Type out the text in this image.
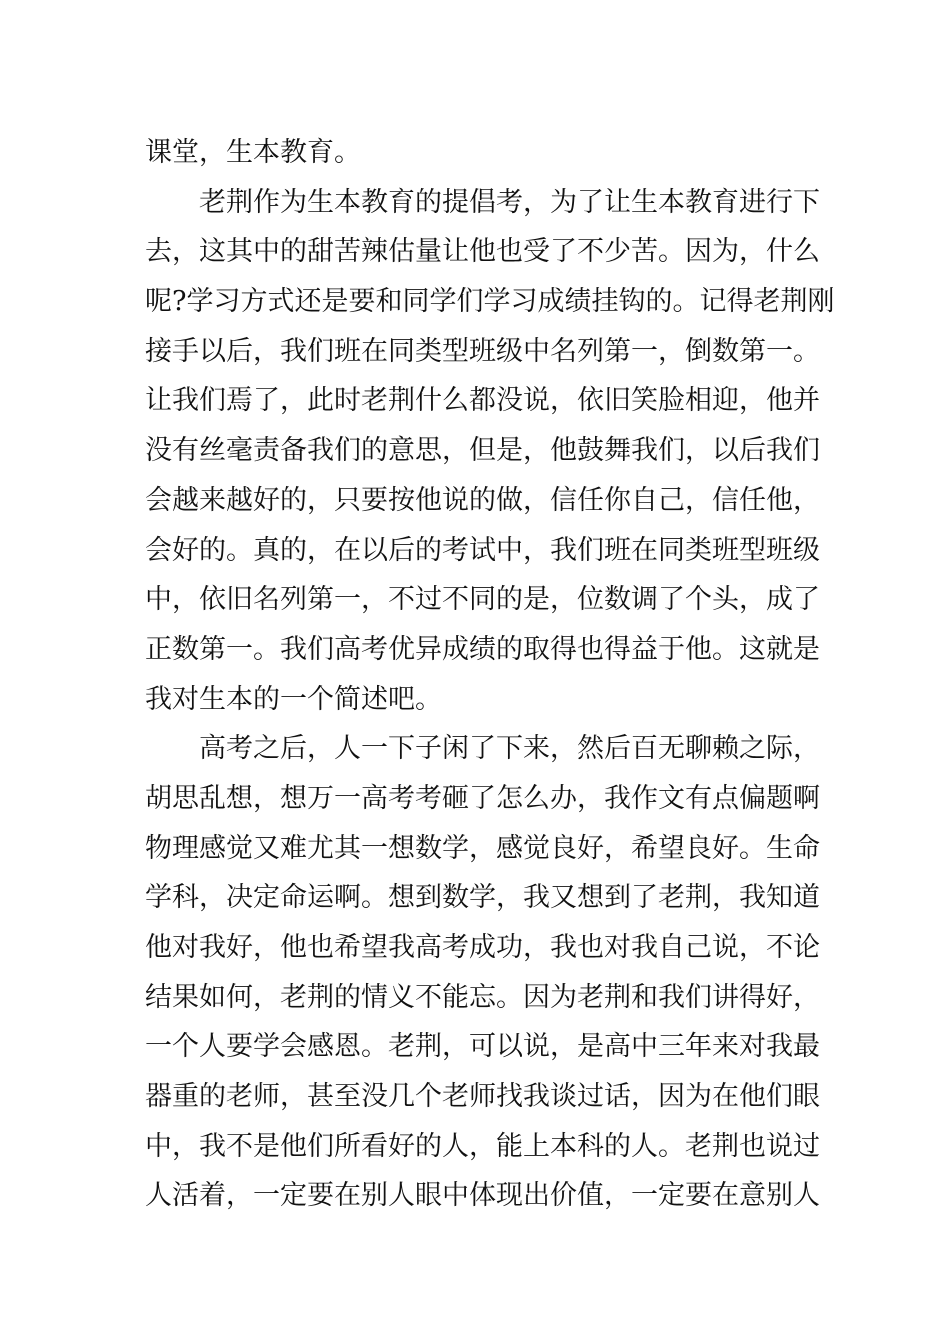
课堂，生本教育。
老荆作为生本教育的提倡考，为了让生本教育进行下
去，这其中的甜苦辣估量让他也受了不少苦。因为，什么
呢?学习方式还是要和同学们学习成绩挂钩的。记得老荆刚
接手以后，我们班在同类型班级中名列第一，倒数第一。
让我们焉了，此时老荆什么都没说，依旧笑脸相迎，他并
没有丝毫责备我们的意思，但是，他鼓舞我们，以后我们
会越来越好的，只要按他说的做，信任你自己，信任他，
会好的。真的，在以后的考试中，我们班在同类班型班级
中，依旧名列第一，不过不同的是，位数调了个头，成了
正数第一。我们高考优异成绩的取得也得益于他。这就是
我对生本的一个简述吧。
高考之后，人一下子闲了下来，然后百无聊赖之际，
胡思乱想，想万一高考考砸了怎么办，我作文有点偏题啊
物理感觉又难尤其一想数学，感觉良好，希望良好。生命
学科，决定命运啊。想到数学，我又想到了老荆，我知道
他对我好，他也希望我高考成功，我也对我自己说，不论
结果如何，老荆的情义不能忘。因为老荆和我们讲得好，
一个人要学会感恩。老荆，可以说，是高中三年来对我最
器重的老师，甚至没几个老师找我谈过话，因为在他们眼
中，我不是他们所看好的人，能上本科的人。老荆也说过
人活着，一定要在别人眼中体现出价值，一定要在意别人
